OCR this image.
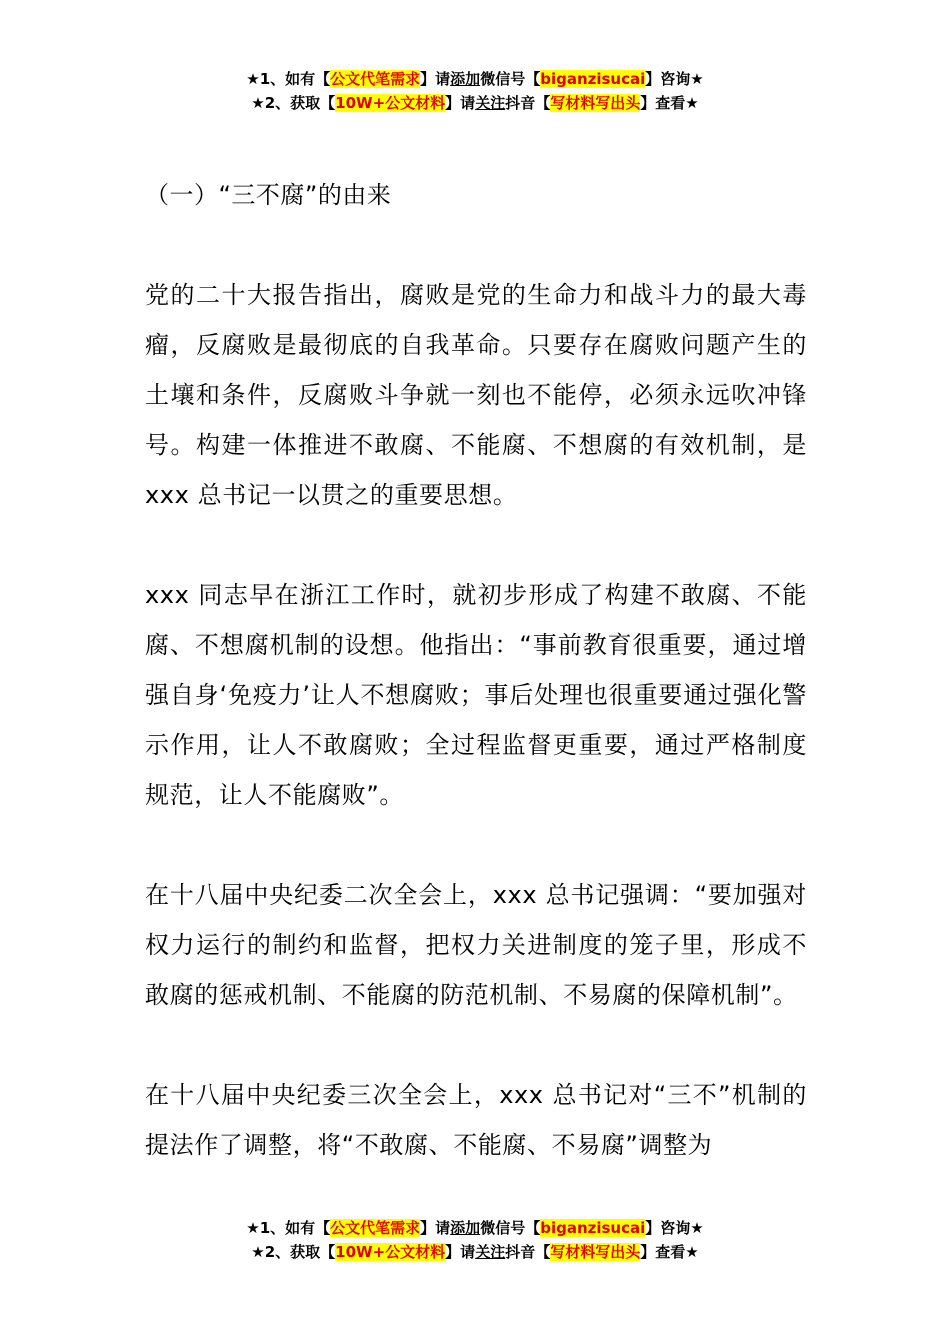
★1、如有【公文代笔需求】请添加微信号【biganzisucai】咨询★
★2、获取【10W+公文材料】请关注抖音【写材料写出头】查看★

（一）“三不腐”的由来

党的二十大报告指出，腐败是党的生命力和战斗力的最大毒瘤，反腐败是最彻底的自我革命。只要存在腐败问题产生的土壤和条件，反腐败斗争就一刻也不能停，必须永远吹冲锋号。构建一体推进不敢腐、不能腐、不想腐的有效机制，是 xxx 总书记一以贯之的重要思想。

xxx 同志早在浙江工作时，就初步形成了构建不敢腐、不能腐、不想腐机制的设想。他指出：“事前教育很重要，通过增强自身‘免疫力’让人不想腐败；事后处理也很重要通过强化警示作用，让人不敢腐败；全过程监督更重要，通过严格制度规范，让人不能腐败”。

在十八届中央纪委二次全会上，xxx 总书记强调：“要加强对权力运行的制约和监督，把权力关进制度的笼子里，形成不敢腐的惩戒机制、不能腐的防范机制、不易腐的保障机制”。

在十八届中央纪委三次全会上，xxx 总书记对“三不”机制的提法作了调整，将“不敢腐、不能腐、不易腐”调整为

★1、如有【公文代笔需求】请添加微信号【biganzisucai】咨询★
★2、获取【10W+公文材料】请关注抖音【写材料写出头】查看★
